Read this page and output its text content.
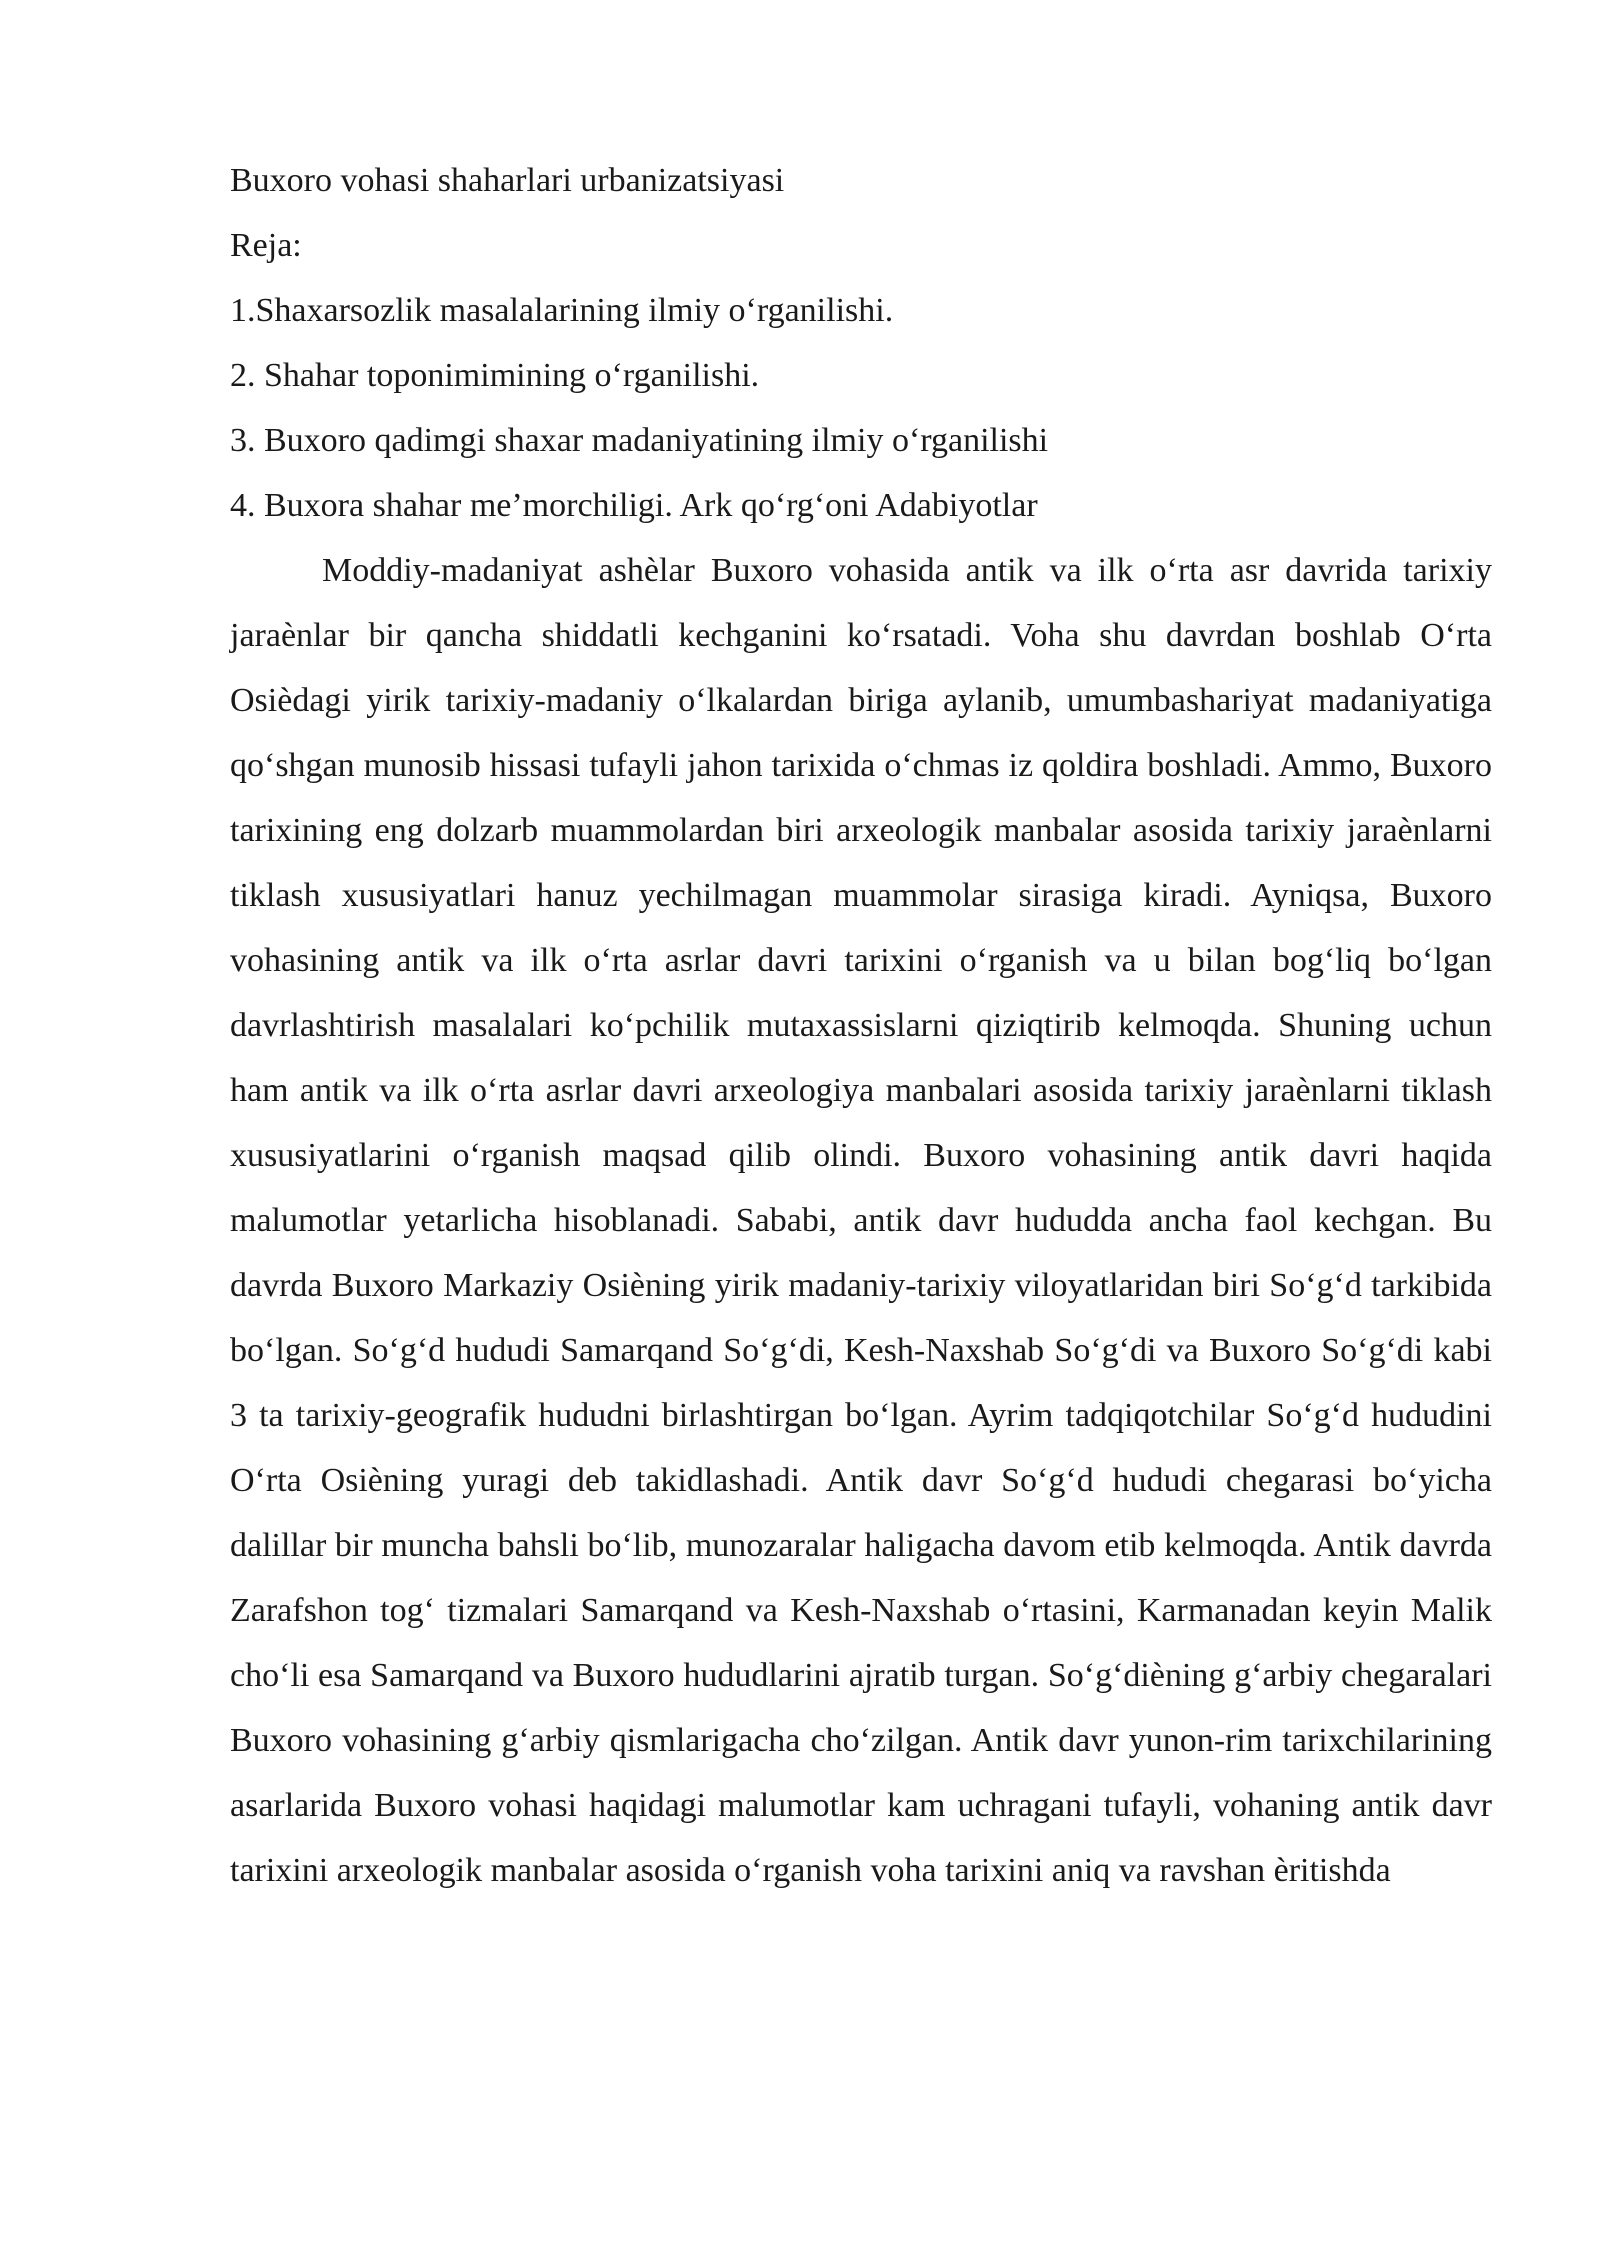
Buxoro vohasi shaharlari urbanizatsiyasi
Reja:
1.Shaxarsozlik masalalarining ilmiy o‘rganilishi.
2. Shahar toponimimining o‘rganilishi.
3. Buxoro qadimgi shaxar madaniyatining ilmiy o‘rganilishi
4. Buxora shahar me’morchiligi. Ark qo‘rg‘oni Adabiyotlar

Moddiy-madaniyat ashèlar Buxoro vohasida antik va ilk o‘rta asr davrida tarixiy jaraènlar bir qancha shiddatli kechganini ko‘rsatadi. Voha shu davrdan boshlab O‘rta Osièdagi yirik tarixiy-madaniy o‘lkalardan biriga aylanib, umumbashariyat madaniyatiga qo‘shgan munosib hissasi tufayli jahon tarixida o‘chmas iz qoldira boshladi. Ammo, Buxoro tarixining eng dolzarb muammolardan biri arxeologik manbalar asosida tarixiy jaraènlarni tiklash xususiyatlari hanuz yechilmagan muammolar sirasiga kiradi. Ayniqsa, Buxoro vohasining antik va ilk o‘rta asrlar davri tarixini o‘rganish va u bilan bog‘liq bo‘lgan davrlashtirish masalalari ko‘pchilik mutaxassislarni qiziqtirib kelmoqda. Shuning uchun ham antik va ilk o‘rta asrlar davri arxeologiya manbalari asosida tarixiy jaraènlarni tiklash xususiyatlarini o‘rganish maqsad qilib olindi. Buxoro vohasining antik davri haqida malumotlar yetarlicha hisoblanadi. Sababi, antik davr hududda ancha faol kechgan. Bu davrda Buxoro Markaziy Osièning yirik madaniy-tarixiy viloyatlaridan biri So‘g‘d tarkibida bo‘lgan. So‘g‘d hududi Samarqand So‘g‘di, Kesh-Naxshab So‘g‘di va Buxoro So‘g‘di kabi 3 ta tarixiy-geografik hududni birlashtirgan bo‘lgan. Ayrim tadqiqotchilar So‘g‘d hududini O‘rta Osièning yuragi deb takidlashadi. Antik davr So‘g‘d hududi chegarasi bo‘yicha dalillar bir muncha bahsli bo‘lib, munozaralar haligacha davom etib kelmoqda. Antik davrda Zarafshon tog‘ tizmalari Samarqand va Kesh-Naxshab o‘rtasini, Karmanadan keyin Malik cho‘li esa Samarqand va Buxoro hududlarini ajratib turgan. So‘g‘dièning g‘arbiy chegaralari Buxoro vohasining g‘arbiy qismlarigacha cho‘zilgan. Antik davr yunon-rim tarixchilarining asarlarida Buxoro vohasi haqidagi malumotlar kam uchragani tufayli, vohaning antik davr tarixini arxeologik manbalar asosida o‘rganish voha tarixini aniq va ravshan èritishda
